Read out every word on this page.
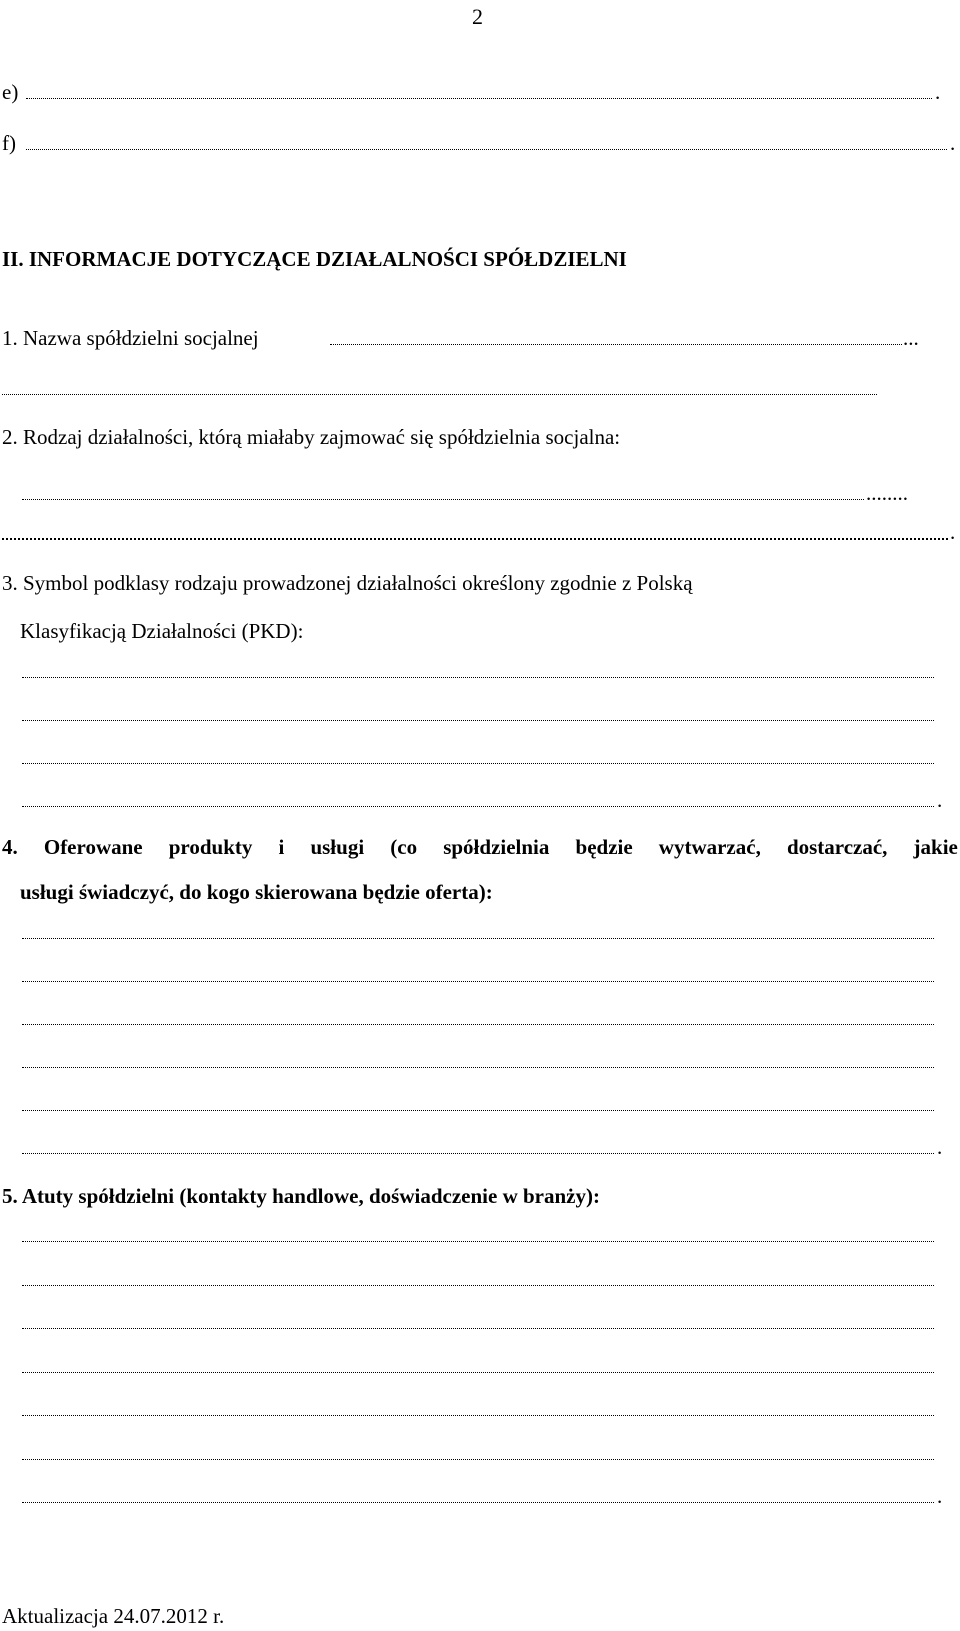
2
e)	.
f)	.
II. INFORMACJE DOTYCZĄCE DZIAŁALNOŚCI SPÓŁDZIELNI
1. Nazwa spółdzielni socjalnej	...
2. Rodzaj działalności, którą miałaby zajmować się spółdzielnia socjalna:
........
.
3. Symbol podklasy rodzaju prowadzonej działalności określony zgodnie z Polską
Klasyfikacją Działalności (PKD):
.
4. Oferowane produkty i usługi (co spółdzielnia będzie wytwarzać, dostarczać, jakie
usługi świadczyć, do kogo skierowana będzie oferta):
.
5. Atuty spółdzielni (kontakty handlowe, doświadczenie w branży):
.
Aktualizacja 24.07.2012 r.
